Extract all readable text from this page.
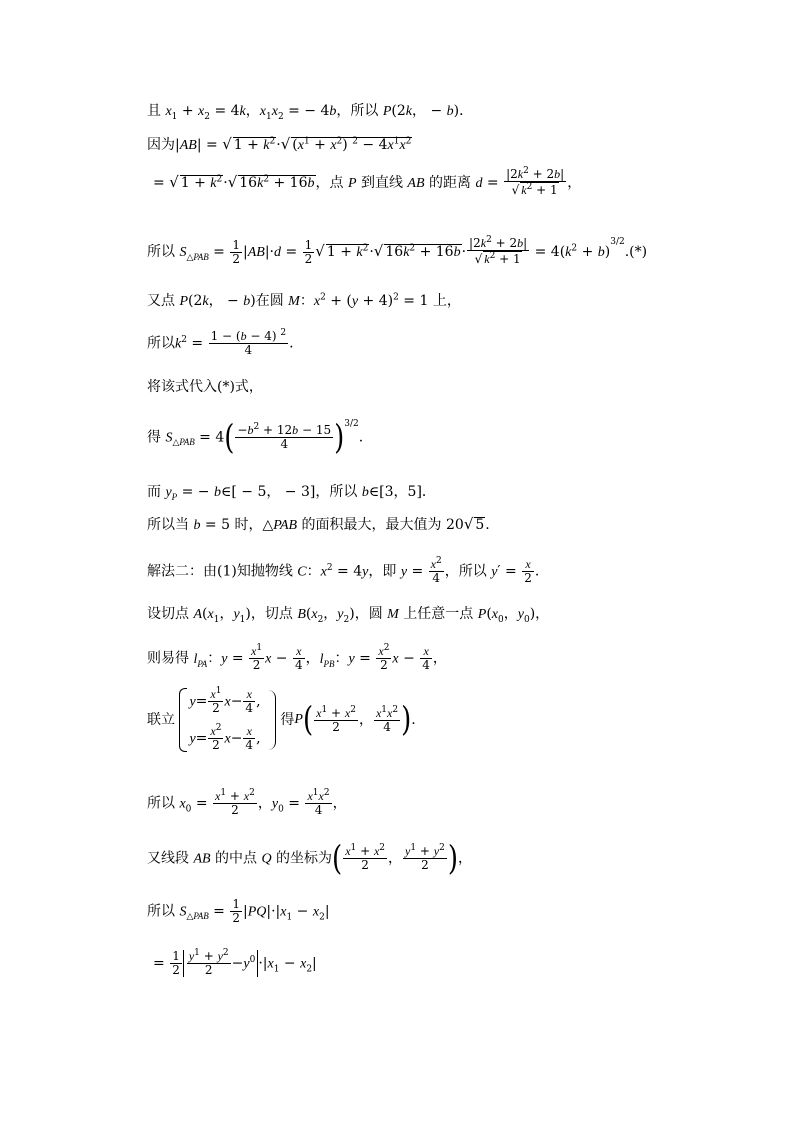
且 $x_1 + x_2 = 4k$，$x_1x_2$ = − 4b，所以 P(2k， − b)．
因为|AB| = √ $1 + k^2\cdot√$ $(x^1 + x^2) ^2 - 4x^1x^2$
= √ $1 + k^2\cdot√$ $16k^2 + 16b$，点 P 到直线 AB 的距离 $d = \frac{|2k^2 + 2b|}{√ k^2 + 1}$ ，
所以 $S_{\triangle PAB} = \frac{1}{2} |AB|\cdot d = \frac{1}{2}$ √ $1 + k^2\cdot√$ $16k^2 + 16b\cdot \frac{|2k^2 + 2b|}{√ k^2 + 1} = 4(k^2 + b)^{3/2}.(*)$
又点 P(2k， − b)在圆 M：$x^2 + (y + 4)^2 = 1$ 上，
所以$k^2 = \frac{1 - (b - 4) ^2}{4}$ .
将该式代入(*)式，
得 $S_{\triangle PAB} = 4( \frac{-b^2 + 12b - 15}{4} )^{3/2}$.
而 $y_P$ = − b∈[ − 5， − 3]，所以 b∈[3，5]．
所以当 b = 5 时，△PAB 的面积最大，最大值为 20√ 5.
解法二：由(1)知抛物线 C：$x^2 = 4y$，即 $y = \frac{x^2}{4}$ ，所以 $y' = \frac{x}{2}$ .
设切点 $A(x_1$，$y_1$)，切点 $B(x_2$，$y_2$)，圆 M 上任意一点 $P(x_0$，$y_0$)，
则易得 $l_{PA}$：$y = \frac{x^1}{2}$ $x - \frac{x}{4}$ ，$l_{PB}$：$y = \frac{x^2}{2}$ $x - \frac{x}{4}$ ，
联立
$y= \frac{x^1}{2} x- \frac{x}{4}$ ,
$y= \frac{x^2}{2} x- \frac{x}{4}$ ,
得$P( \frac{x^1 + x^2}{2}$ ， $\frac{x^1x^2}{4}$ ).
所以 $x_0 = \frac{x^1 + x^2}{2}$ ，$y_0 = \frac{x^1x^2}{4}$ ，
又线段 AB 的中点 Q 的坐标为( $\frac{x^1 + x^2}{2}$ ， $\frac{y^1 + y^2}{2}$ )，
所以 $S_{\triangle PAB} = \frac{1}{2} |PQ|\cdot|x_1 - x_2|$
= $\frac{1}{2} \frac{y^1 + y^2}{2} -y^0 \cdot|x_1 - x_2|$
